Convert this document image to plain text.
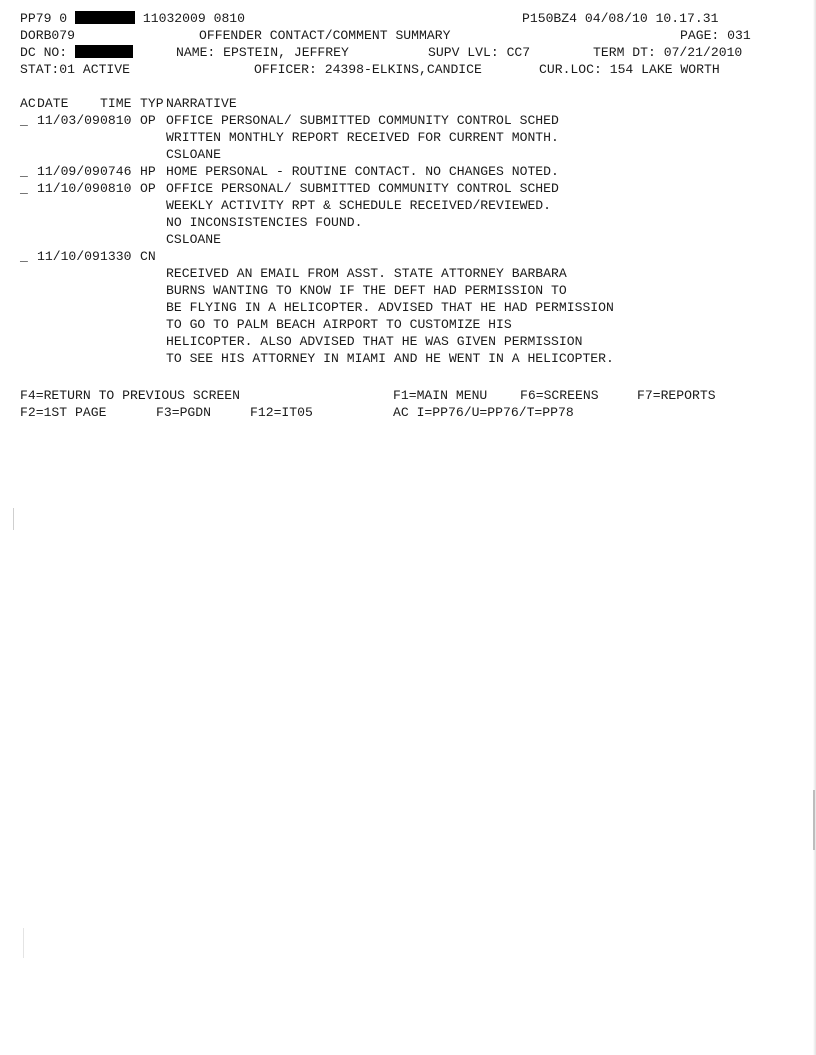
PP79 0	11032009 0810	P150BZ4 04/08/10 10.17.31
DORB079	OFFENDER CONTACT/COMMENT SUMMARY	PAGE: 031
DC NO:	NAME: EPSTEIN, JEFFREY	SUPV LVL: CC7	TERM DT: 07/21/2010
STAT:01 ACTIVE	OFFICER: 24398-ELKINS,CANDICE	CUR.LOC: 154 LAKE WORTH
AC DATE	TIME TYP NARRATIVE
_ 11/03/09 0810 OP OFFICE PERSONAL/ SUBMITTED COMMUNITY CONTROL SCHED
WRITTEN MONTHLY REPORT RECEIVED FOR CURRENT MONTH.
CSLOANE
_ 11/09/09 0746 HP HOME PERSONAL - ROUTINE CONTACT. NO CHANGES NOTED.
_ 11/10/09 0810 OP OFFICE PERSONAL/ SUBMITTED COMMUNITY CONTROL SCHED
WEEKLY ACTIVITY RPT & SCHEDULE RECEIVED/REVIEWED.
NO INCONSISTENCIES FOUND.
CSLOANE
_ 11/10/09 1330 CN
RECEIVED AN EMAIL FROM ASST. STATE ATTORNEY BARBARA
BURNS WANTING TO KNOW IF THE DEFT HAD PERMISSION TO
BE FLYING IN A HELICOPTER. ADVISED THAT HE HAD PERMISSION
TO GO TO PALM BEACH AIRPORT TO CUSTOMIZE HIS
HELICOPTER. ALSO ADVISED THAT HE WAS GIVEN PERMISSION
TO SEE HIS ATTORNEY IN MIAMI AND HE WENT IN A HELICOPTER.
F4=RETURN TO PREVIOUS SCREEN	F1=MAIN MENU F6=SCREENS	F7=REPORTS
F2=1ST PAGE	F3=PGDN	F12=IT05	AC I=PP76/U=PP76/T=PP78
